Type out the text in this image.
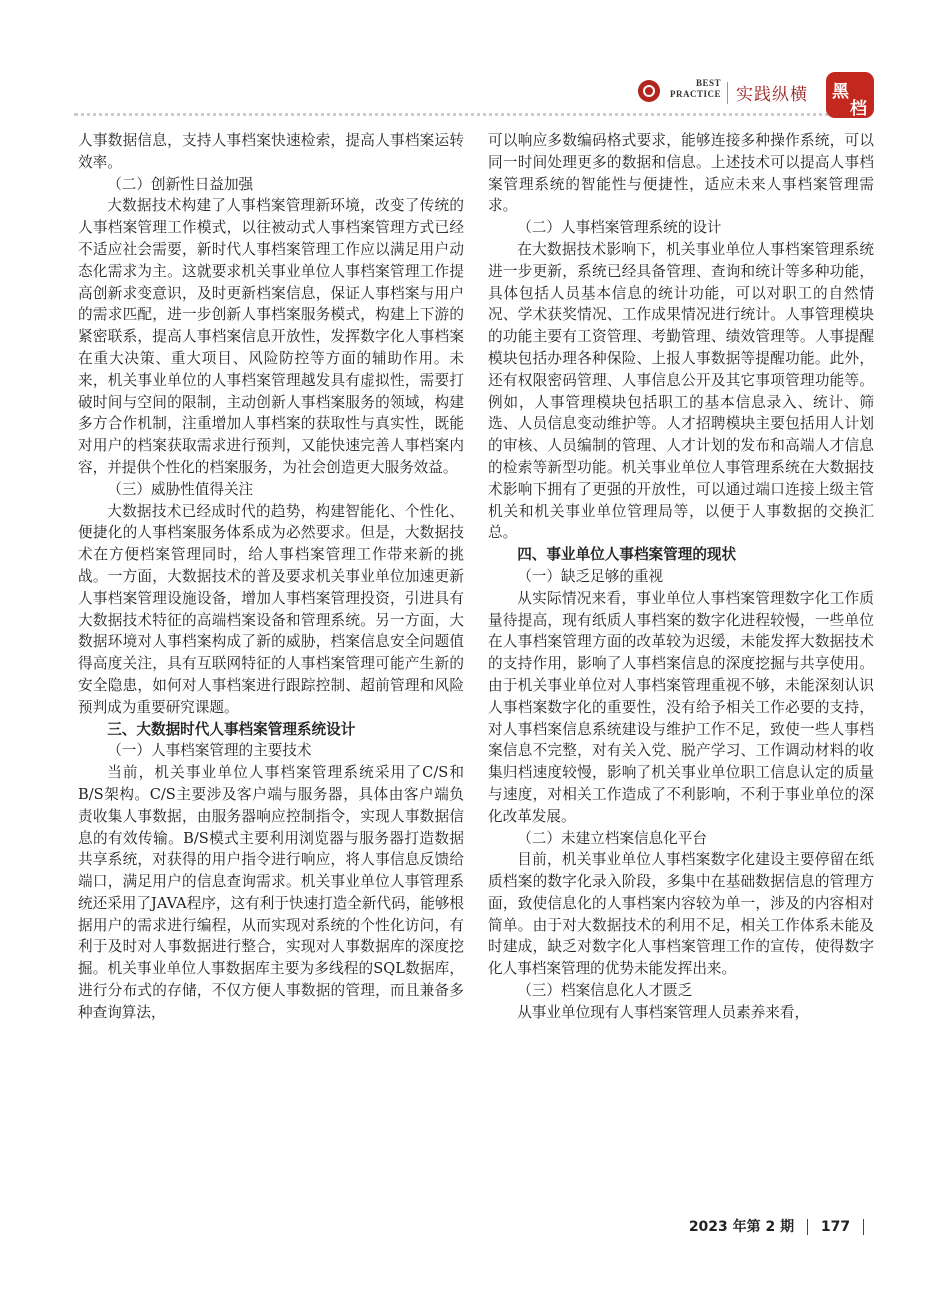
BEST
PRACTICE 实践纵横 黑
档

人事数据信息，支持人事档案快速检索，提高人事档案运转效率。

（二）创新性日益加强

大数据技术构建了人事档案管理新环境，改变了传统的人事档案管理工作模式，以往被动式人事档案管理方式已经不适应社会需要，新时代人事档案管理工作应以满足用户动态化需求为主。这就要求机关事业单位人事档案管理工作提高创新求变意识，及时更新档案信息，保证人事档案与用户的需求匹配，进一步创新人事档案服务模式，构建上下游的紧密联系，提高人事档案信息开放性，发挥数字化人事档案在重大决策、重大项目、风险防控等方面的辅助作用。未来，机关事业单位的人事档案管理越发具有虚拟性，需要打破时间与空间的限制，主动创新人事档案服务的领域，构建多方合作机制，注重增加人事档案的获取性与真实性，既能对用户的档案获取需求进行预判，又能快速完善人事档案内容，并提供个性化的档案服务，为社会创造更大服务效益。

（三）威胁性值得关注

大数据技术已经成时代的趋势，构建智能化、个性化、便捷化的人事档案服务体系成为必然要求。但是，大数据技术在方便档案管理同时，给人事档案管理工作带来新的挑战。一方面，大数据技术的普及要求机关事业单位加速更新人事档案管理设施设备，增加人事档案管理投资，引进具有大数据技术特征的高端档案设备和管理系统。另一方面，大数据环境对人事档案构成了新的威胁，档案信息安全问题值得高度关注，具有互联网特征的人事档案管理可能产生新的安全隐患，如何对人事档案进行跟踪控制、超前管理和风险预判成为重要研究课题。

三、大数据时代人事档案管理系统设计
（一）人事档案管理的主要技术

当前，机关事业单位人事档案管理系统采用了C/S和B/S架构。C/S主要涉及客户端与服务器，具体由客户端负责收集人事数据，由服务器响应控制指令，实现人事数据信息的有效传输。B/S模式主要利用浏览器与服务器打造数据共享系统，对获得的用户指令进行响应，将人事信息反馈给端口，满足用户的信息查询需求。机关事业单位人事管理系统还采用了JAVA程序，这有利于快速打造全新代码，能够根据用户的需求进行编程，从而实现对系统的个性化访问，有利于及时对人事数据进行整合，实现对人事数据库的深度挖掘。机关事业单位人事数据库主要为多线程的SQL数据库，进行分布式的存储，不仅方便人事数据的管理，而且兼备多种查询算法，

可以响应多数编码格式要求，能够连接多种操作系统，可以同一时间处理更多的数据和信息。上述技术可以提高人事档案管理系统的智能性与便捷性，适应未来人事档案管理需求。

（二）人事档案管理系统的设计

在大数据技术影响下，机关事业单位人事档案管理系统进一步更新，系统已经具备管理、查询和统计等多种功能，具体包括人员基本信息的统计功能，可以对职工的自然情况、学术获奖情况、工作成果情况进行统计。人事管理模块的功能主要有工资管理、考勤管理、绩效管理等。人事提醒模块包括办理各种保险、上报人事数据等提醒功能。此外，还有权限密码管理、人事信息公开及其它事项管理功能等。例如，人事管理模块包括职工的基本信息录入、统计、筛选、人员信息变动维护等。人才招聘模块主要包括用人计划的审核、人员编制的管理、人才计划的发布和高端人才信息的检索等新型功能。机关事业单位人事管理系统在大数据技术影响下拥有了更强的开放性，可以通过端口连接上级主管机关和机关事业单位管理局等，以便于人事数据的交换汇总。

四、事业单位人事档案管理的现状
（一）缺乏足够的重视

从实际情况来看，事业单位人事档案管理数字化工作质量待提高，现有纸质人事档案的数字化进程较慢，一些单位在人事档案管理方面的改革较为迟缓，未能发挥大数据技术的支持作用，影响了人事档案信息的深度挖掘与共享使用。由于机关事业单位对人事档案管理重视不够，未能深刻认识人事档案数字化的重要性，没有给予相关工作必要的支持，对人事档案信息系统建设与维护工作不足，致使一些人事档案信息不完整，对有关入党、脱产学习、工作调动材料的收集归档速度较慢，影响了机关事业单位职工信息认定的质量与速度，对相关工作造成了不利影响，不利于事业单位的深化改革发展。

（二）未建立档案信息化平台

目前，机关事业单位人事档案数字化建设主要停留在纸质档案的数字化录入阶段，多集中在基础数据信息的管理方面，致使信息化的人事档案内容较为单一，涉及的内容相对简单。由于对大数据技术的利用不足，相关工作体系未能及时建成，缺乏对数字化人事档案管理工作的宣传，使得数字化人事档案管理的优势未能发挥出来。

（三）档案信息化人才匮乏

从事业单位现有人事档案管理人员素养来看，

2023 年第 2 期 177
